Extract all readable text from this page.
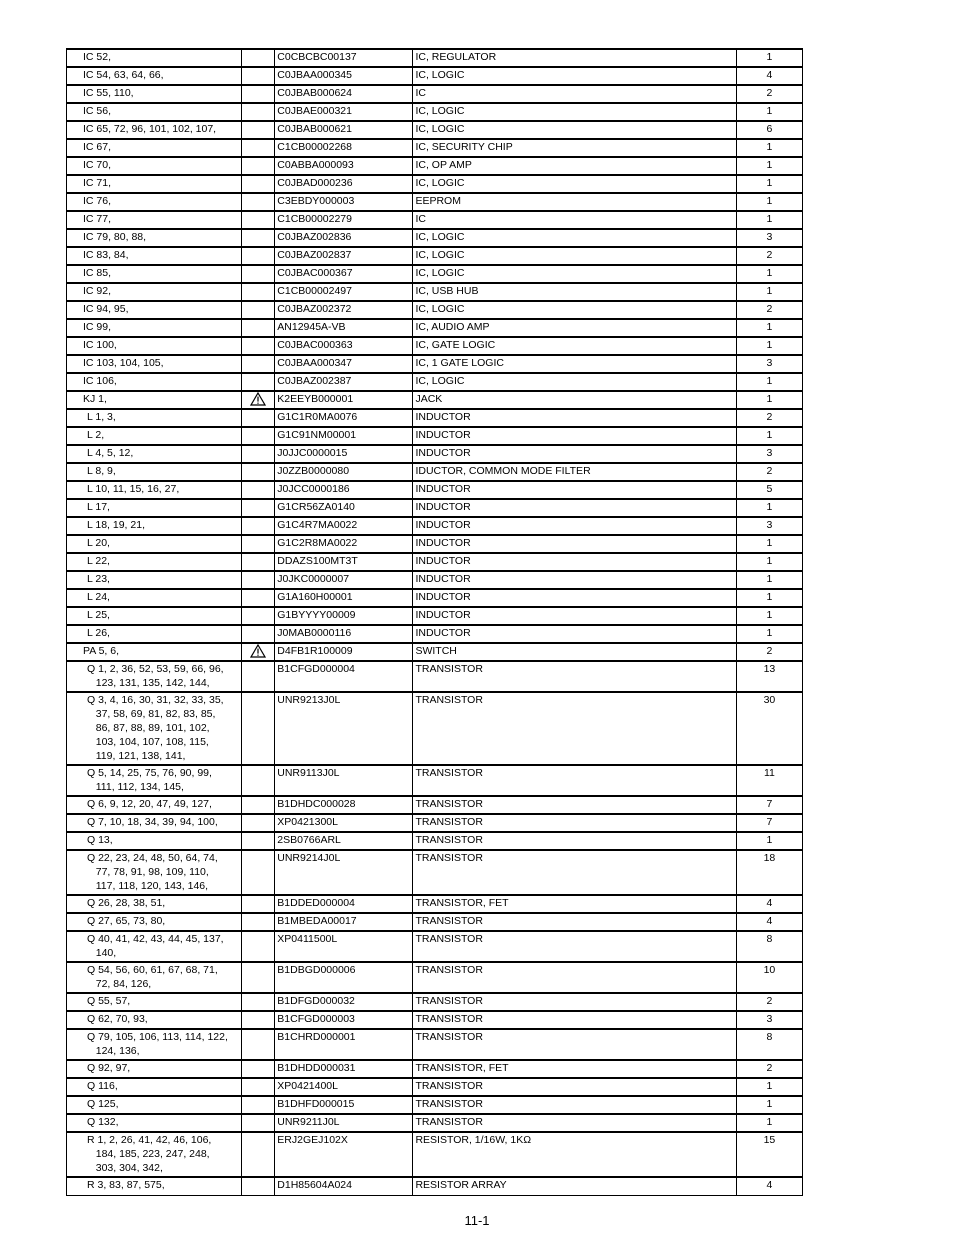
IC 52,		C0CBCBC00137	IC, REGULATOR	1

IC 54, 63, 64, 66,		C0JBAA000345	IC, LOGIC	4

IC 55, 110,		C0JBAB000624	IC	2

IC 56,		C0JBAE000321	IC, LOGIC	1

IC 65, 72, 96, 101, 102, 107,		C0JBAB000621	IC, LOGIC	6

IC 67,		C1CB00002268	IC, SECURITY CHIP	1

IC 70,		C0ABBA000093	IC, OP AMP	1

IC 71,		C0JBAD000236	IC, LOGIC	1

IC 76,		C3EBDY000003	EEPROM	1

IC 77,		C1CB00002279	IC	1

IC 79, 80, 88,		C0JBAZ002836	IC, LOGIC	3

IC 83, 84,		C0JBAZ002837	IC, LOGIC	2

IC 85,		C0JBAC000367	IC, LOGIC	1

IC 92,		C1CB00002497	IC, USB HUB	1

IC 94, 95,		C0JBAZ002372	IC, LOGIC	2

IC 99,		AN12945A-VB	IC, AUDIO AMP	1

IC 100,		C0JBAC000363	IC, GATE LOGIC	1

IC 103, 104, 105,		C0JBAA000347	IC, 1 GATE LOGIC	3

IC 106,		C0JBAZ002387	IC, LOGIC	1

KJ 1,		K2EEYB000001	JACK	1

L 1, 3,		G1C1R0MA0076	INDUCTOR	2

L 2,		G1C91NM00001	INDUCTOR	1

L 4, 5, 12,		J0JJC0000015	INDUCTOR	3

L 8, 9,		J0ZZB0000080	IDUCTOR, COMMON MODE FILTER	2

L 10, 11, 15, 16, 27,		J0JCC0000186	INDUCTOR	5

L 17,		G1CR56ZA0140	INDUCTOR	1

L 18, 19, 21,		G1C4R7MA0022	INDUCTOR	3

L 20,		G1C2R8MA0022	INDUCTOR	1

L 22,		DDAZS100MT3T	INDUCTOR	1

L 23,		J0JKC0000007	INDUCTOR	1

L 24,		G1A160H00001	INDUCTOR	1

L 25,		G1BYYYY00009	INDUCTOR	1

L 26,		J0MAB0000116	INDUCTOR	1

PA 5, 6,		D4FB1R100009	SWITCH	2

Q 1, 2, 36, 52, 53, 59, 66, 96,
123, 131, 135, 142, 144,		B1CFGD000004	TRANSISTOR	13

Q 3, 4, 16, 30, 31, 32, 33, 35,
37, 58, 69, 81, 82, 83, 85,
86, 87, 88, 89, 101, 102,
103, 104, 107, 108, 115,
119, 121, 138, 141,		UNR9213J0L	TRANSISTOR	30

Q 5, 14, 25, 75, 76, 90, 99,
111, 112, 134, 145,		UNR9113J0L	TRANSISTOR	11

Q 6, 9, 12, 20, 47, 49, 127,		B1DHDC000028	TRANSISTOR	7

Q 7, 10, 18, 34, 39, 94, 100,		XP0421300L	TRANSISTOR	7

Q 13,		2SB0766ARL	TRANSISTOR	1

Q 22, 23, 24, 48, 50, 64, 74,
77, 78, 91, 98, 109, 110,
117, 118, 120, 143, 146,		UNR9214J0L	TRANSISTOR	18

Q 26, 28, 38, 51,		B1DDED000004	TRANSISTOR, FET	4

Q 27, 65, 73, 80,		B1MBEDA00017	TRANSISTOR	4

Q 40, 41, 42, 43, 44, 45, 137,
140,		XP0411500L	TRANSISTOR	8

Q 54, 56, 60, 61, 67, 68, 71,
72, 84, 126,		B1DBGD000006	TRANSISTOR	10

Q 55, 57,		B1DFGD000032	TRANSISTOR	2

Q 62, 70, 93,		B1CFGD000003	TRANSISTOR	3

Q 79, 105, 106, 113, 114, 122,
124, 136,		B1CHRD000001	TRANSISTOR	8

Q 92, 97,		B1DHDD000031	TRANSISTOR, FET	2

Q 116,		XP0421400L	TRANSISTOR	1

Q 125,		B1DHFD000015	TRANSISTOR	1

Q 132,		UNR9211J0L	TRANSISTOR	1

R 1, 2, 26, 41, 42, 46, 106,
184, 185, 223, 247, 248,
303, 304, 342,		ERJ2GEJ102X	RESISTOR, 1/16W, 1KΩ	15

R 3, 83, 87, 575,		D1H85604A024	RESISTOR ARRAY	4
11-1
